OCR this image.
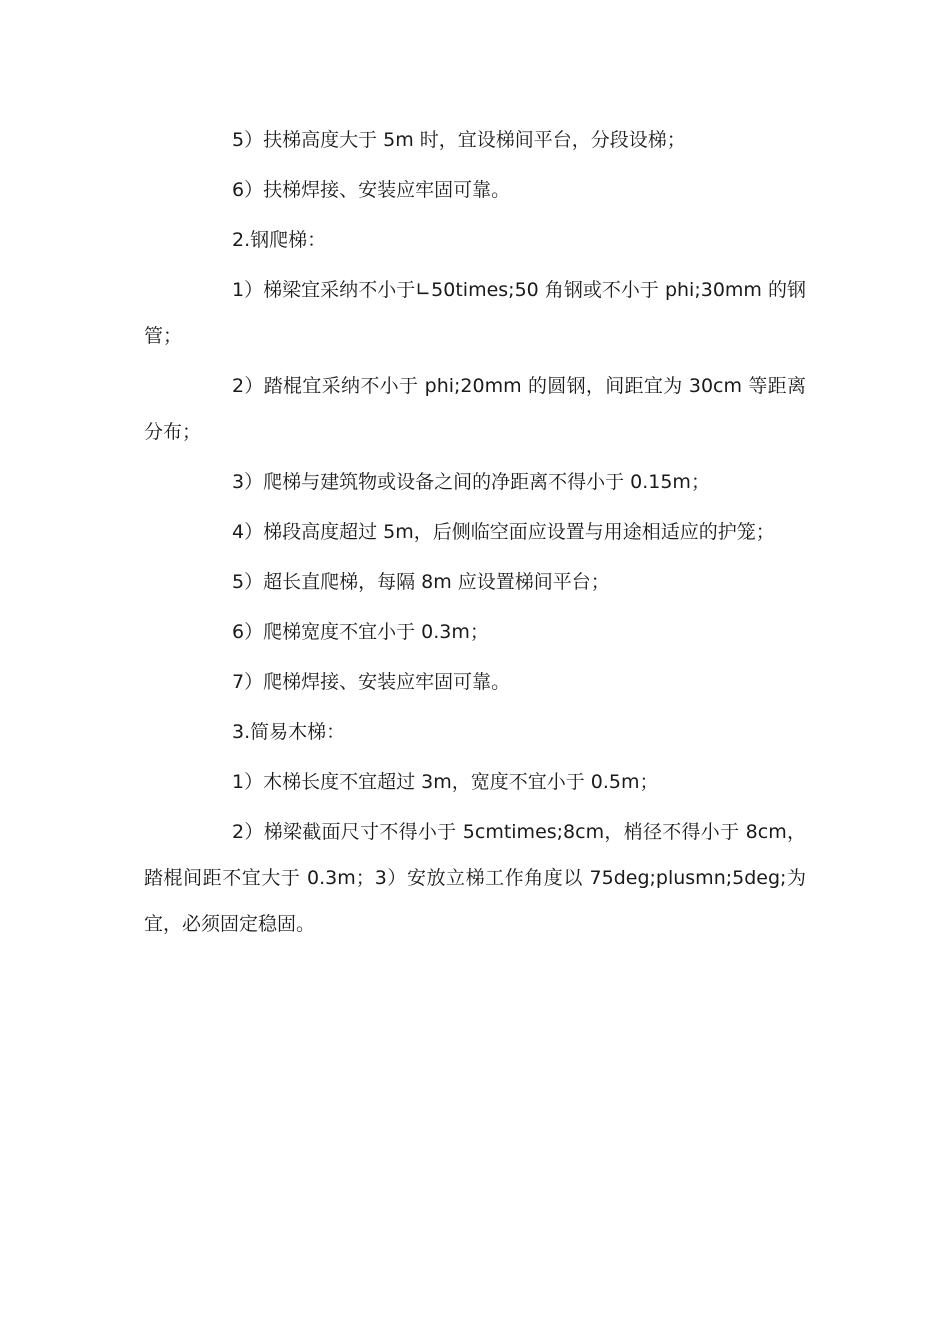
5）扶梯高度大于 5m 时，宜设梯间平台，分段设梯；

6）扶梯焊接、安装应牢固可靠。

2.钢爬梯：

1）梯梁宜采纳不小于∟50times;50 角钢或不小于 phi;30mm 的钢管；

2）踏棍宜采纳不小于 phi;20mm 的圆钢，间距宜为 30cm 等距离分布；

3）爬梯与建筑物或设备之间的净距离不得小于 0.15m；

4）梯段高度超过 5m，后侧临空面应设置与用途相适应的护笼；

5）超长直爬梯，每隔 8m 应设置梯间平台；

6）爬梯宽度不宜小于 0.3m；

7）爬梯焊接、安装应牢固可靠。

3.简易木梯：

1）木梯长度不宜超过 3m，宽度不宜小于 0.5m；

2）梯梁截面尺寸不得小于 5cmtimes;8cm，梢径不得小于 8cm，踏棍间距不宜大于 0.3m；3）安放立梯工作角度以 75deg;plusmn;5deg;为宜，必须固定稳固。
